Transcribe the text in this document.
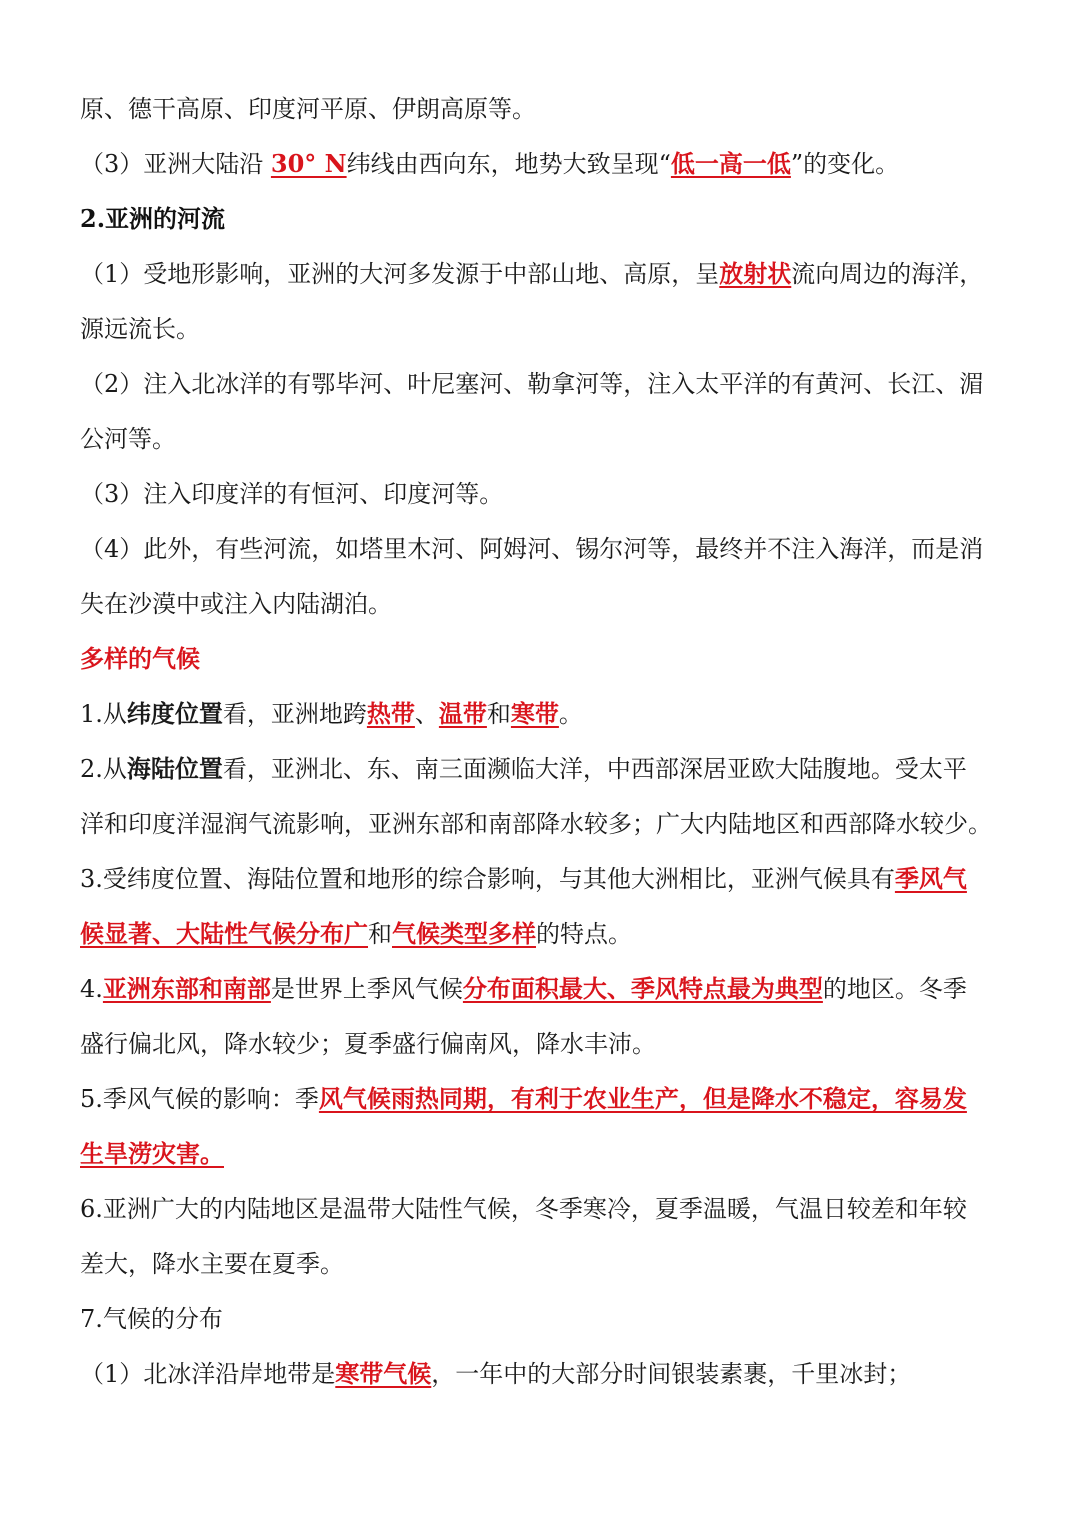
原、德干高原、印度河平原、伊朗高原等。
（3）亚洲大陆沿 30° N纬线由西向东，地势大致呈现“低一高一低”的变化。
2.亚洲的河流
（1）受地形影响，亚洲的大河多发源于中部山地、高原，呈放射状流向周边的海洋，
源远流长。
（2）注入北冰洋的有鄂毕河、叶尼塞河、勒拿河等，注入太平洋的有黄河、长江、湄
公河等。
（3）注入印度洋的有恒河、印度河等。
（4）此外，有些河流，如塔里木河、阿姆河、锡尔河等，最终并不注入海洋，而是消
失在沙漠中或注入内陆湖泊。
多样的气候
1.从纬度位置看，亚洲地跨热带、温带和寒带。
2.从海陆位置看，亚洲北、东、南三面濒临大洋，中西部深居亚欧大陆腹地。受太平
洋和印度洋湿润气流影响，亚洲东部和南部降水较多；广大内陆地区和西部降水较少。
3.受纬度位置、海陆位置和地形的综合影响，与其他大洲相比，亚洲气候具有季风气
候显著、大陆性气候分布广和气候类型多样的特点。
4.亚洲东部和南部是世界上季风气候分布面积最大、季风特点最为典型的地区。冬季
盛行偏北风，降水较少；夏季盛行偏南风，降水丰沛。
5.季风气候的影响：季风气候雨热同期，有利于农业生产，但是降水不稳定，容易发
生旱涝灾害。
6.亚洲广大的内陆地区是温带大陆性气候，冬季寒冷，夏季温暖，气温日较差和年较
差大，降水主要在夏季。
7.气候的分布
（1）北冰洋沿岸地带是寒带气候，一年中的大部分时间银装素裹，千里冰封；
